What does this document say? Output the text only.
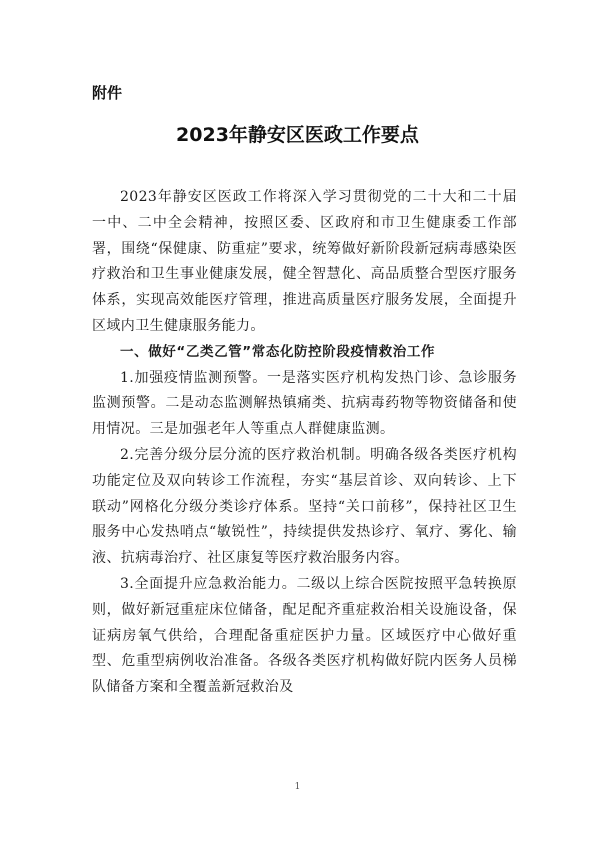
附件
2023年静安区医政工作要点

2023年静安区医政工作将深入学习贯彻党的二十大和二十届一中、二中全会精神，按照区委、区政府和市卫生健康委工作部署，围绕“保健康、防重症”要求，统筹做好新阶段新冠病毒感染医疗救治和卫生事业健康发展，健全智慧化、高品质整合型医疗服务体系，实现高效能医疗管理，推进高质量医疗服务发展，全面提升区域内卫生健康服务能力。

一、做好“乙类乙管”常态化防控阶段疫情救治工作

1.加强疫情监测预警。一是落实医疗机构发热门诊、急诊服务监测预警。二是动态监测解热镇痛类、抗病毒药物等物资储备和使用情况。三是加强老年人等重点人群健康监测。

2.完善分级分层分流的医疗救治机制。明确各级各类医疗机构功能定位及双向转诊工作流程，夯实“基层首诊、双向转诊、上下联动”网格化分级分类诊疗体系。坚持“关口前移”，保持社区卫生服务中心发热哨点“敏锐性”，持续提供发热诊疗、氧疗、雾化、输液、抗病毒治疗、社区康复等医疗救治服务内容。

3.全面提升应急救治能力。二级以上综合医院按照平急转换原则，做好新冠重症床位储备，配足配齐重症救治相关设施设备，保证病房氧气供给，合理配备重症医护力量。区域医疗中心做好重型、危重型病例收治准备。各级各类医疗机构做好院内医务人员梯队储备方案和全覆盖新冠救治及

1
